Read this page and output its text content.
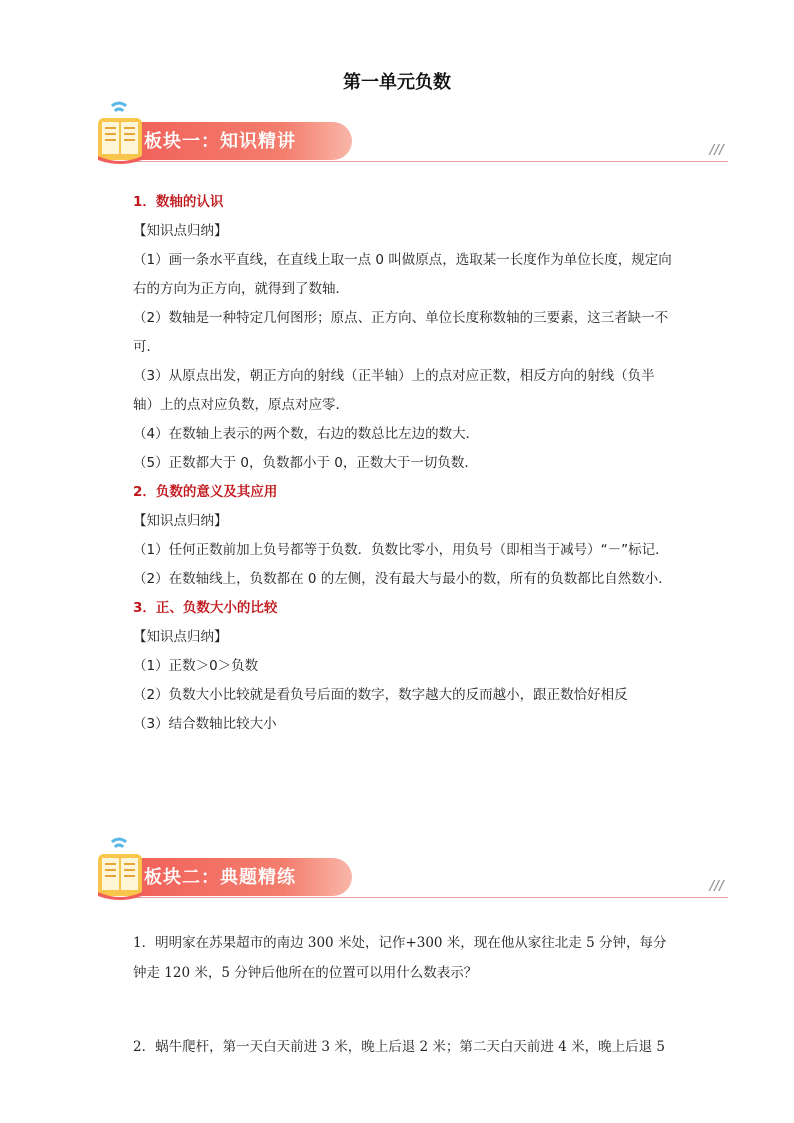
第一单元负数
板块一：知识精讲	///

1．数轴的认识

【知识点归纳】

（1）画一条水平直线，在直线上取一点 0 叫做原点，选取某一长度作为单位长度，规定向右的方向为正方向，就得到了数轴．

（2）数轴是一种特定几何图形；原点、正方向、单位长度称数轴的三要素，这三者缺一不可．

（3）从原点出发，朝正方向的射线（正半轴）上的点对应正数，相反方向的射线（负半轴）上的点对应负数，原点对应零．

（4）在数轴上表示的两个数，右边的数总比左边的数大．

（5）正数都大于 0，负数都小于 0，正数大于一切负数．

2．负数的意义及其应用

【知识点归纳】

（1）任何正数前加上负号都等于负数．负数比零小，用负号（即相当于减号）“－”标记．

（2）在数轴线上，负数都在 0 的左侧，没有最大与最小的数，所有的负数都比自然数小．

3．正、负数大小的比较

【知识点归纳】

（1）正数＞0＞负数

（2）负数大小比较就是看负号后面的数字，数字越大的反而越小，跟正数恰好相反

（3）结合数轴比较大小

板块二：典题精练	///

1．明明家在苏果超市的南边 300 米处，记作+300 米，现在他从家往北走 5 分钟，每分钟走 120 米，5 分钟后他所在的位置可以用什么数表示？

2．蜗牛爬杆，第一天白天前进 3 米，晚上后退 2 米；第二天白天前进 4 米，晚上后退 5
